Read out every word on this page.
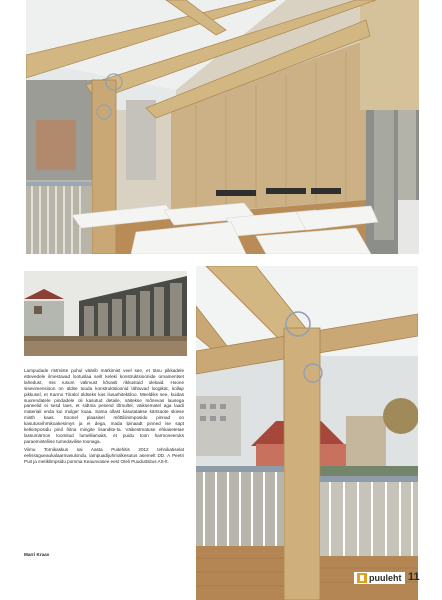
Lampudade ristmiste puhul väärib märkimist veel see, et tänu pikkadele ettevedele ilmestavad lootuslaa seilt keleki konstruktsioonide ornamentset lahedust, mis rusum välimust kõvasti rikkustuid olekaid. Hoone sisevimensioon on üldse tuuda konstruktsioonid lähtuvad loogikat, kollap pikkusel, et Karmo Tiiralol üldseks kas ilusarhitektiloo. Meeldiks see, kuidas suurendatele pindadele oli kasutud detaile, näitekse mõnevas lausega paneelid ei sesd laes, et sidtnia pesend tõmultel, väiksematel aga laadi materiali enda kui mulger kuaa. Sama ollast kasutatakse kärtsaote skiese misth kaas. Soonel plaasisel mõttiliinimposidu pinnad on kasutusvihmikoakesimys ja ei dega, mada lpinaadt pinned ise sapt ketkimposidu pind õitna mingite lisandite-ta. Väikestmatuse ehkasetetae lassumärnon toomitud lumelilamaks, et puidu toon harmoneeruks paraeminteliise tumedavilise toonaga.

Viimu Tornikaskus sai Aasta Puitehitis 2012 tehnikatiselat eelissügueaukalaarmasulondu, lampuadijuhmalkesutus asemelt DD. A Peetri Puit ja metiklimpsidu pomma Keaunvasee eest Oteli Puuduttsitus AS-lt.

Marri Kraav
puuleht 11
